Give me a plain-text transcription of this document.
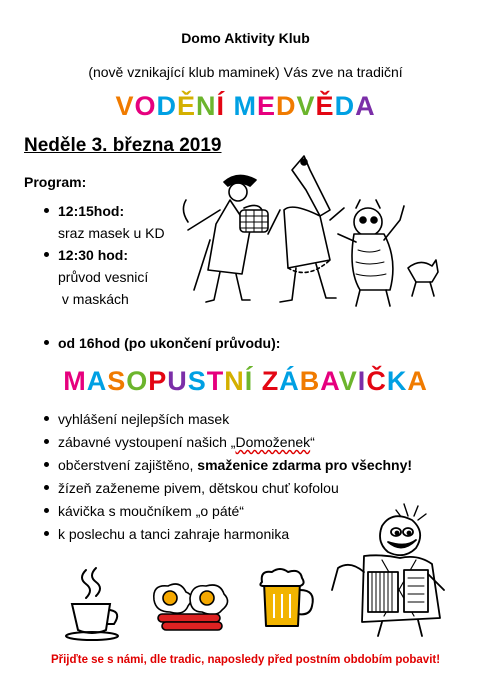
Domo Aktivity Klub
(nově vznikající klub maminek) Vás zve na tradiční
VODĚNÍ MEDVĚDA
Neděle 3. března 2019
Program:
12:15hod:
sraz masek u KD
12:30 hod:
průvod vesnicí
v maskách
od 16hod (po ukončení průvodu):
MASOPUSTNÍ ZÁBAVIČKA
vyhlášení nejlepších masek
zábavné vystoupení našich „Domoženek“
občerstvení zajištěno, smaženice zdarma pro všechny!
žízeň zaženeme pivem, dětskou chuť kofolou
kávička s moučníkem „o páté“
k poslechu a tanci zahraje harmonika
Přijďte se s námi, dle tradic, naposledy před postním obdobím pobavit!
